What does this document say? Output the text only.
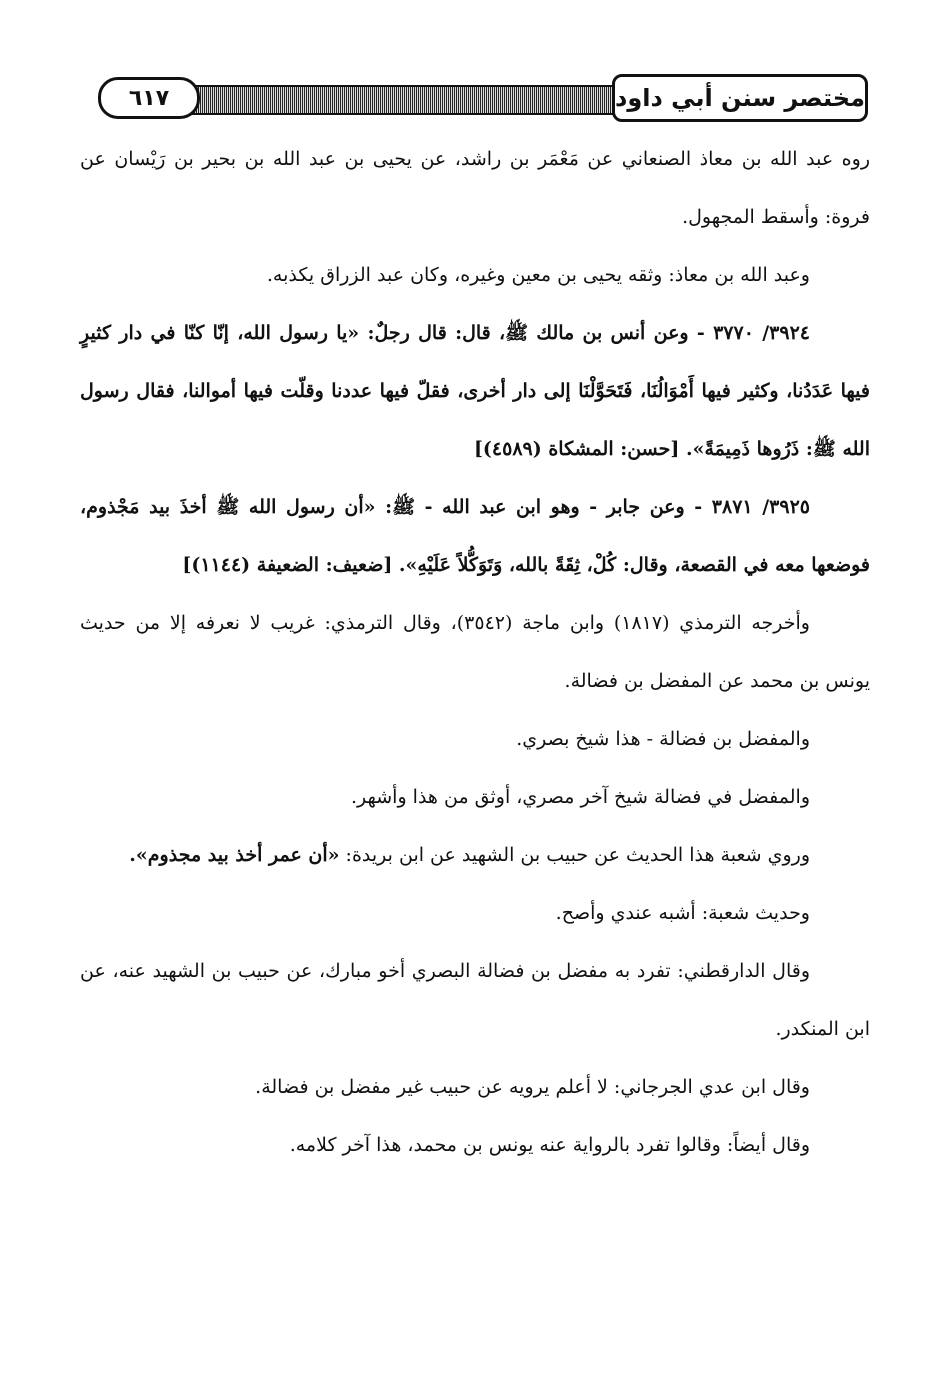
٦١٧	مختصر سنن أبي داود

روه عبد الله بن معاذ الصنعاني عن مَعْمَر بن راشد، عن يحيى بن عبد الله بن بحير بن رَيْسان عن فروة: وأسقط المجهول.

وعبد الله بن معاذ: وثقه يحيى بن معين وغيره، وكان عبد الزراق يكذبه.

٣٩٢٤/ ٣٧٧٠ - وعن أنس بن مالك ﷺ، قال: قال رجلٌ: «يا رسول الله، إنّا كنّا في دار كثيرٍ فيها عَدَدُنا، وكثير فيها أَمْوَالُنَا، فَتَحَوَّلْنَا إلى دار أخرى، فقلّ فيها عددنا وقلّت فيها أموالنا، فقال رسول الله ﷺ: ذَرُوها ذَمِيمَةً». [حسن: المشكاة (٤٥٨٩)]

٣٩٢٥/ ٣٨٧١ - وعن جابر - وهو ابن عبد الله - ﷺ: «أن رسول الله ﷺ أخذَ بيد مَجْذوم، فوضعها معه في القصعة، وقال: كُلْ، ثِقَةً بالله، وَتَوَكُّلاً عَلَيْهِ». [ضعيف: الضعيفة (١١٤٤)]

وأخرجه الترمذي (١٨١٧) وابن ماجة (٣٥٤٢)، وقال الترمذي: غريب لا نعرفه إلا من حديث يونس بن محمد عن المفضل بن فضالة.

والمفضل بن فضالة - هذا شيخ بصري.

والمفضل في فضالة شيخ آخر مصري، أوثق من هذا وأشهر.

وروي شعبة هذا الحديث عن حبيب بن الشهيد عن ابن بريدة: «أن عمر أخذ بيد مجذوم».

وحديث شعبة: أشبه عندي وأصح.

وقال الدارقطني: تفرد به مفضل بن فضالة البصري أخو مبارك، عن حبيب بن الشهيد عنه، عن ابن المنكدر.

وقال ابن عدي الجرجاني: لا أعلم يرويه عن حبيب غير مفضل بن فضالة.

وقال أيضاً: وقالوا تفرد بالرواية عنه يونس بن محمد، هذا آخر كلامه.
